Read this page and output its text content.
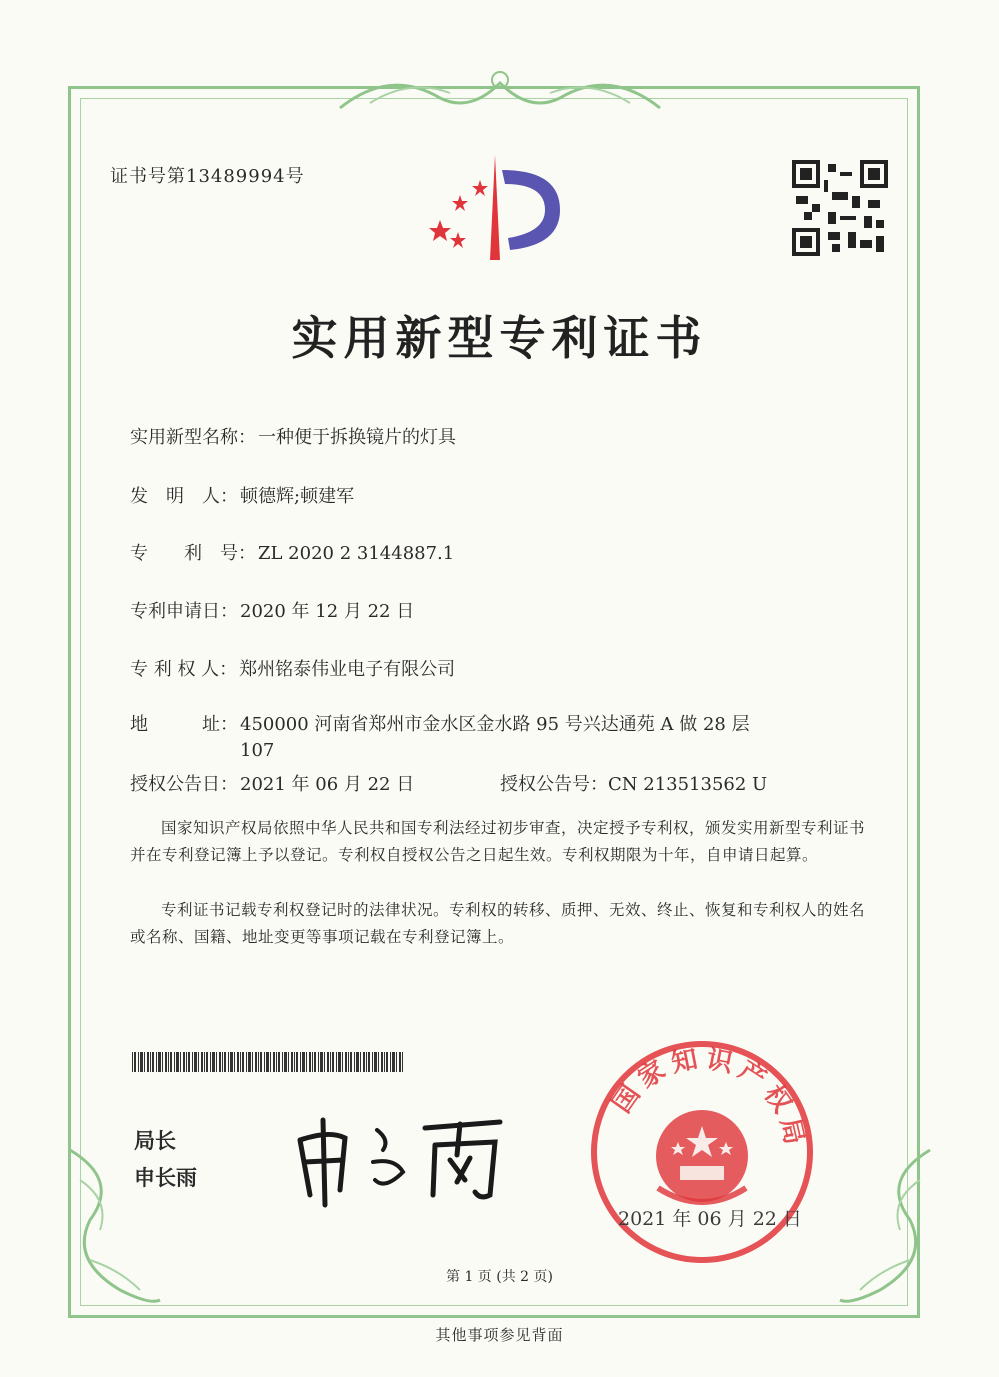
证书号第13489994号
实用新型专利证书
实用新型名称： 一种便于拆换镜片的灯具
发　明　人： 顿德辉;顿建军
专　　利　号： ZL 2020 2 3144887.1
专利申请日： 2020 年 12 月 22 日
专 利 权 人： 郑州铭泰伟业电子有限公司
地　　　址： 450000 河南省郑州市金水区金水路 95 号兴达通苑 A 做 28 层 107
授权公告日： 2021 年 06 月 22 日	授权公告号：CN 213513562 U
国家知识产权局依照中华人民共和国专利法经过初步审查，决定授予专利权，颁发实用新型专利证书并在专利登记簿上予以登记。专利权自授权公告之日起生效。专利权期限为十年，自申请日起算。
专利证书记载专利权登记时的法律状况。专利权的转移、质押、无效、终止、恢复和专利权人的姓名或名称、国籍、地址变更等事项记载在专利登记簿上。
局长
申长雨
国
家
知 识
产
权
局
2021 年 06 月 22 日
第 1 页 (共 2 页)
其他事项参见背面
